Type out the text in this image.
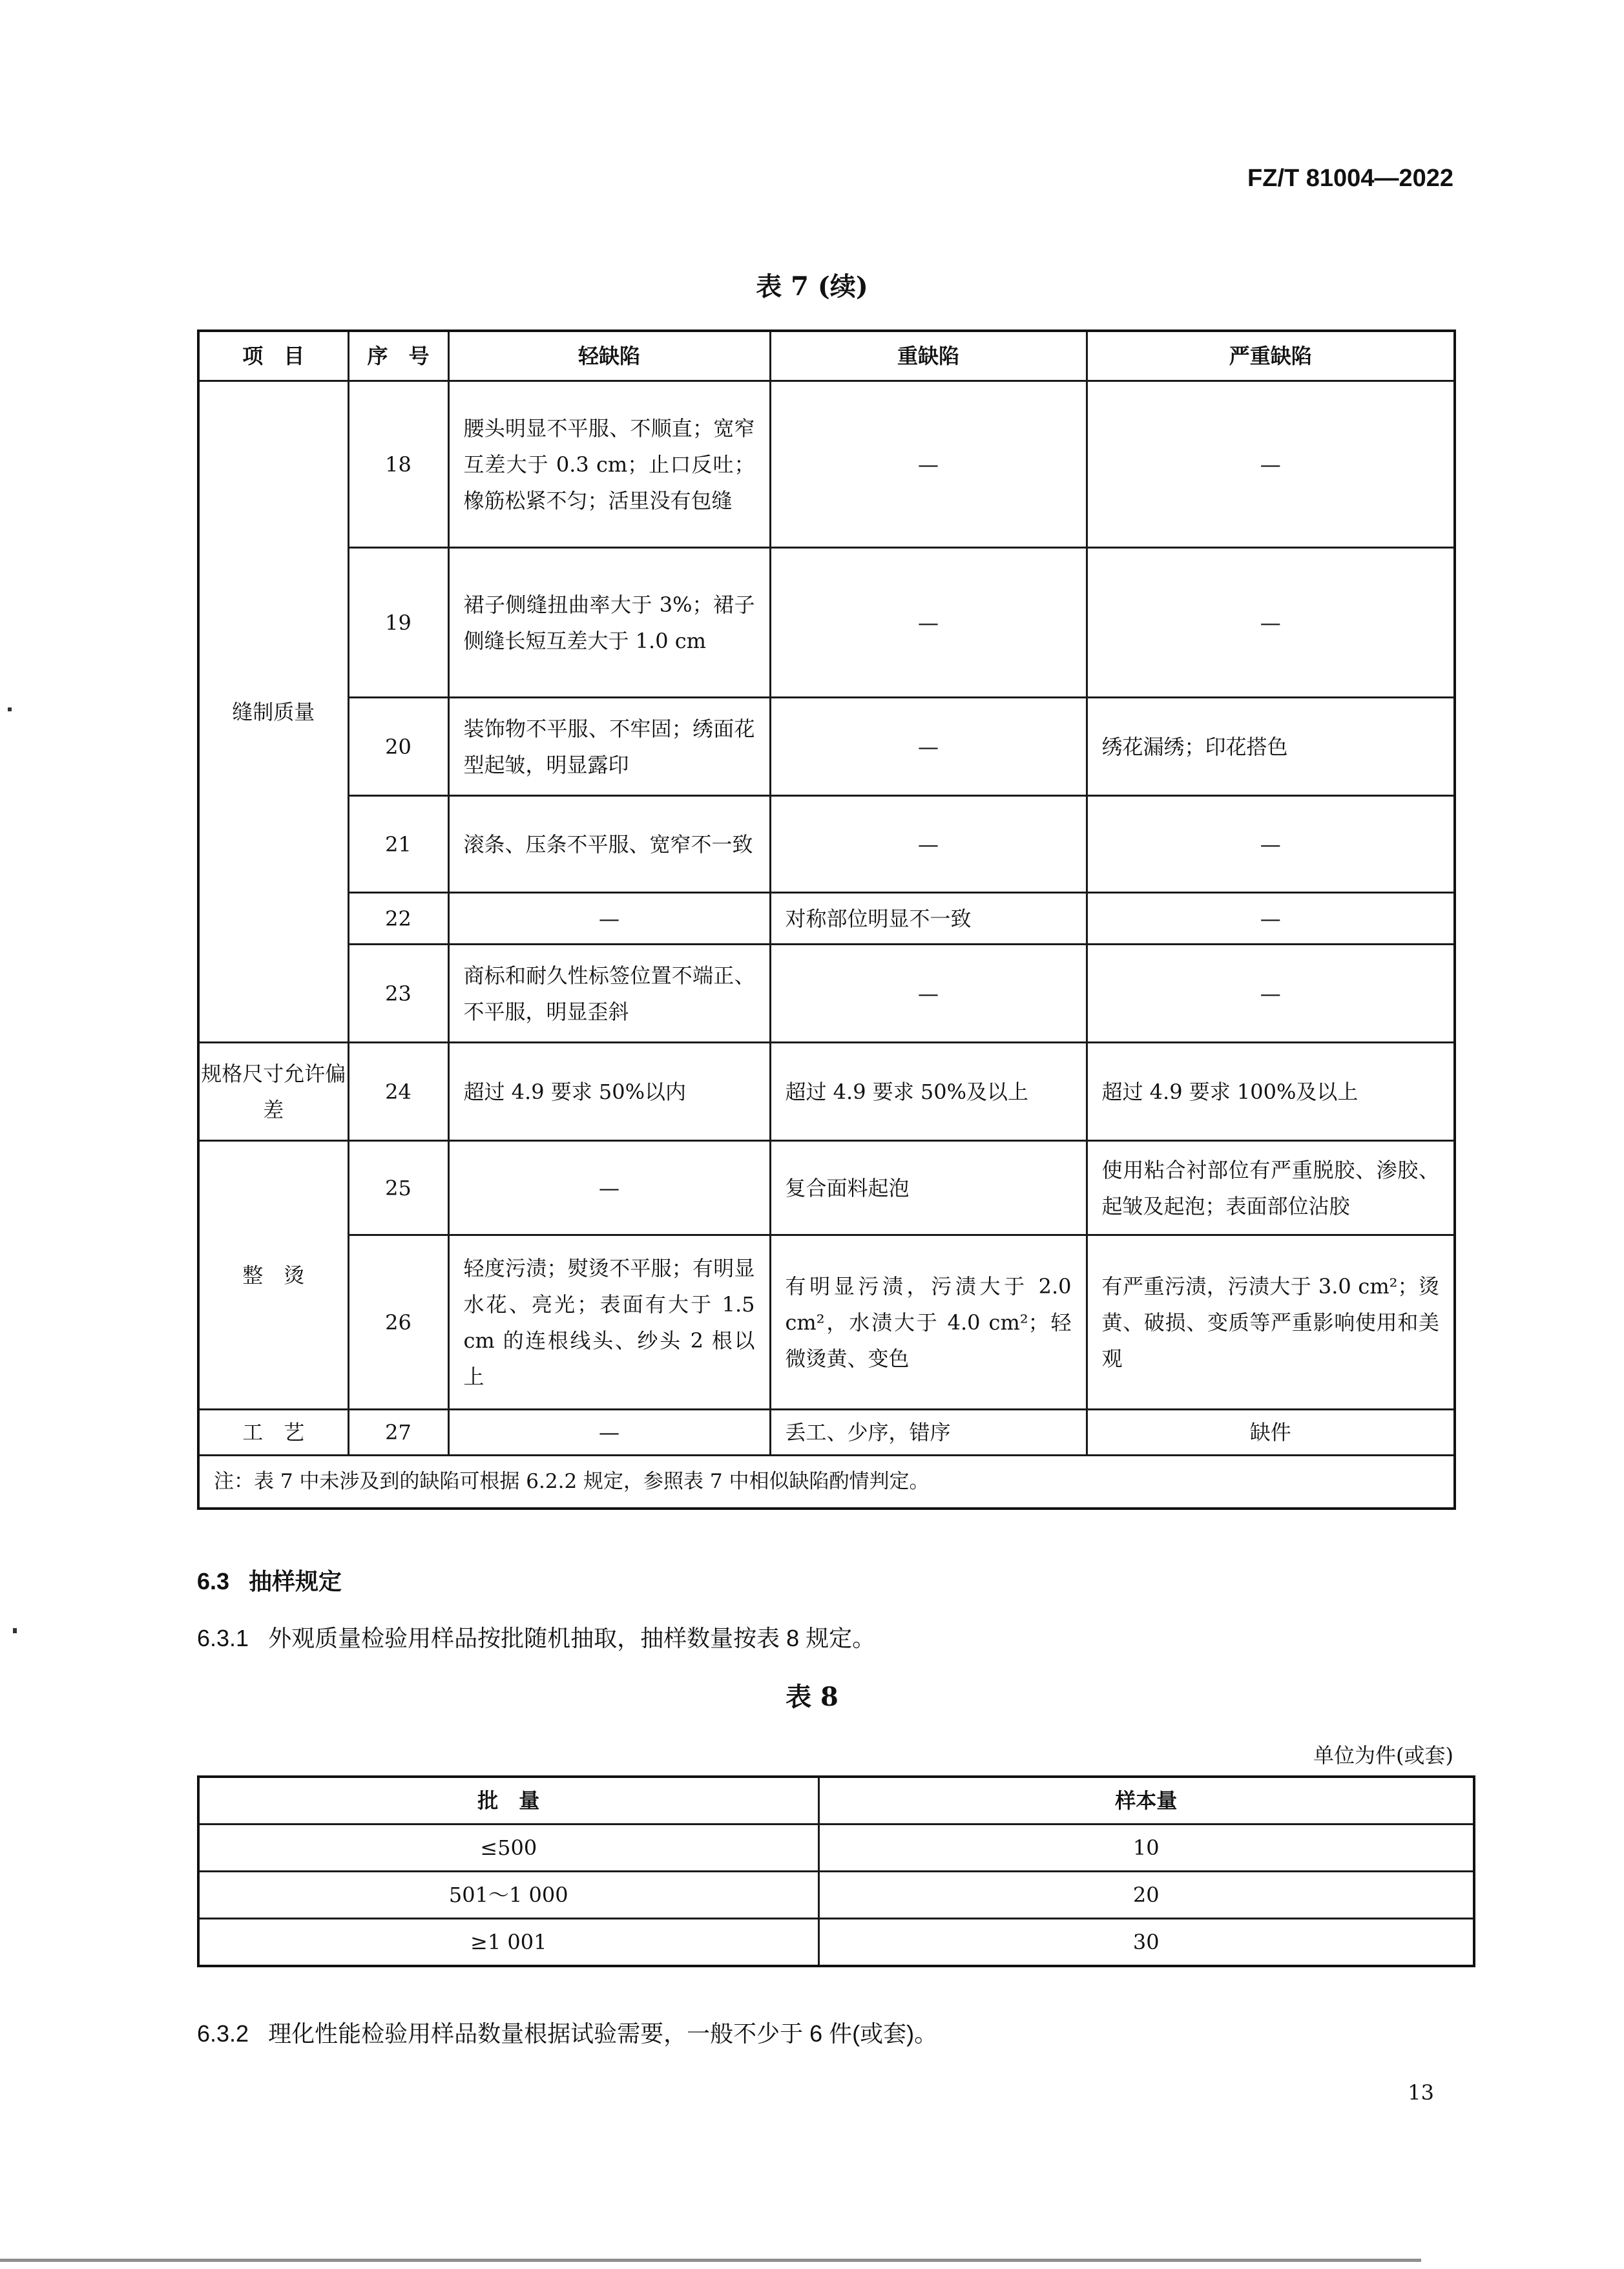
FZ/T 81004—2022
表 7 (续)
项　目	序　号	轻缺陷	重缺陷	严重缺陷
缝制质量	18	腰头明显不平服、不顺直；宽窄互差大于 0.3 cm；止口反吐；橡筋松紧不匀；活里没有包缝	—	—
	19	裙子侧缝扭曲率大于 3%；裙子侧缝长短互差大于 1.0 cm	—	—
	20	装饰物不平服、不牢固；绣面花型起皱，明显露印	—	绣花漏绣；印花搭色
	21	滚条、压条不平服、宽窄不一致	—	—
	22	—	对称部位明显不一致	—
	23	商标和耐久性标签位置不端正、不平服，明显歪斜	—	—
规格尺寸允许偏差	24	超过 4.9 要求 50%以内	超过 4.9 要求 50%及以上	超过 4.9 要求 100%及以上
整　烫	25	—	复合面料起泡	使用粘合衬部位有严重脱胶、渗胶、起皱及起泡；表面部位沾胶
	26	轻度污渍；熨烫不平服；有明显水花、亮光；表面有大于 1.5 cm 的连根线头、纱头 2 根以上	有明显污渍，污渍大于 2.0 cm²，水渍大于 4.0 cm²；轻微烫黄、变色	有严重污渍，污渍大于 3.0 cm²；烫黄、破损、变质等严重影响使用和美观
工　艺	27	—	丢工、少序，错序	缺件
注：表 7 中未涉及到的缺陷可根据 6.2.2 规定，参照表 7 中相似缺陷酌情判定。				
6.3 抽样规定
6.3.1 外观质量检验用样品按批随机抽取，抽样数量按表 8 规定。
表 8
单位为件(或套)
批　量	样本量
≤500	10
501～1 000	20
≥1 001	30
6.3.2 理化性能检验用样品数量根据试验需要，一般不少于 6 件(或套)。
13
